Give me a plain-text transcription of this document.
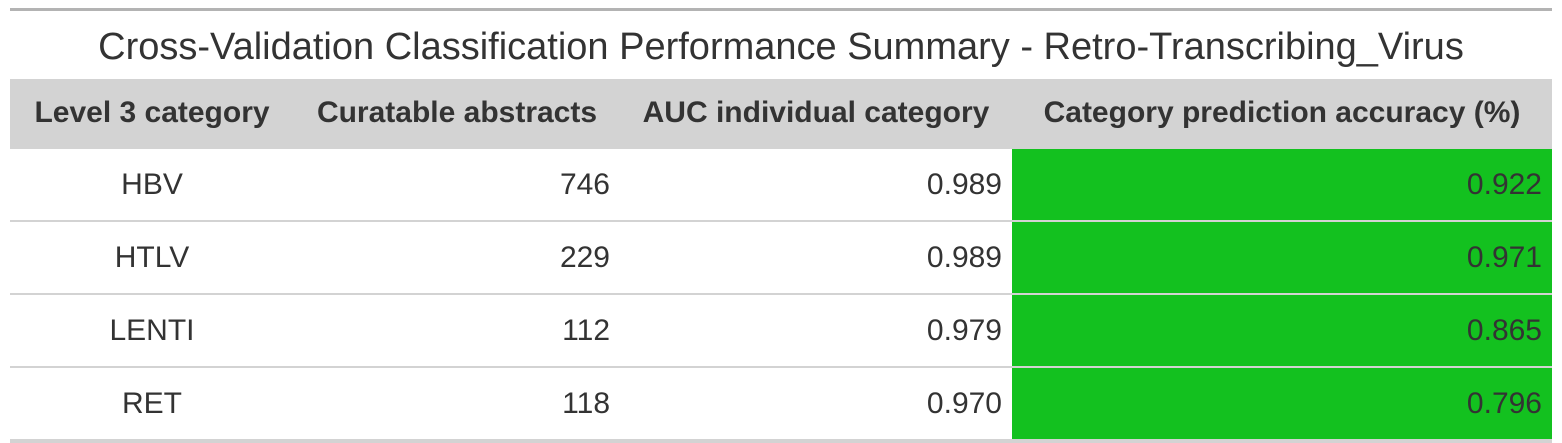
Cross-Validation Classification Performance Summary - Retro-Transcribing_Virus
Level 3 category	Curatable abstracts	AUC individual category	Category prediction accuracy (%)
HBV	746	0.989	0.922
HTLV	229	0.989	0.971
LENTI	112	0.979	0.865
RET	118	0.970	0.796
